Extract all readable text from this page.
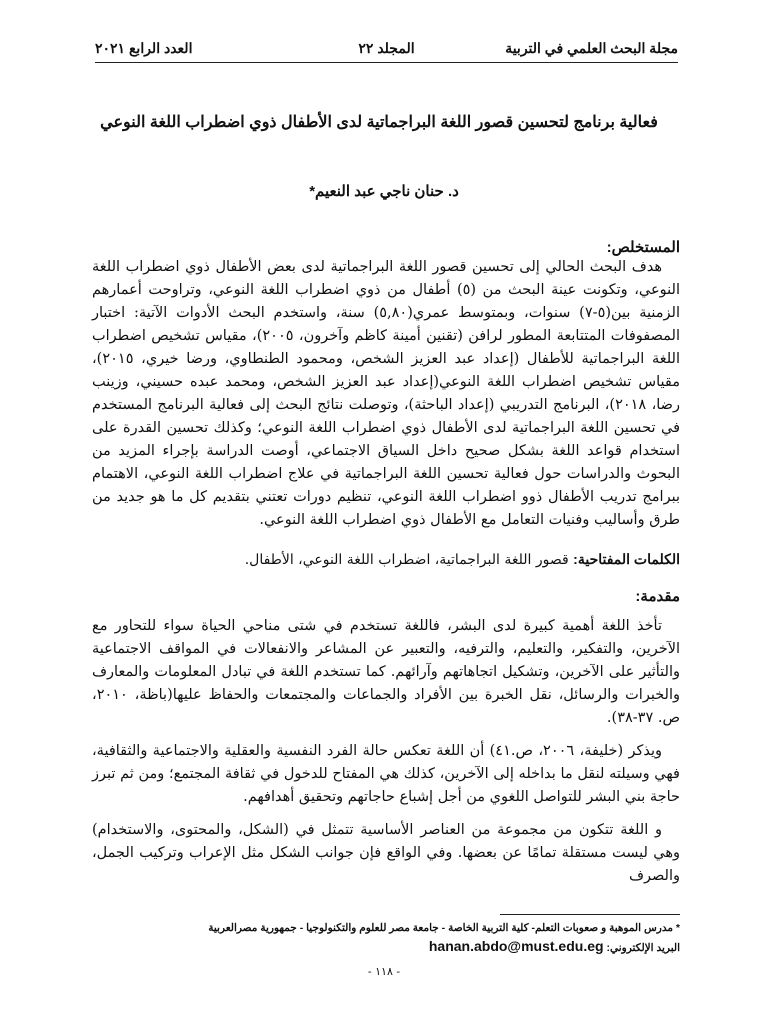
مجلة البحث العلمي في التربية
المجلد ٢٢
العدد الرابع ٢٠٢١
فعالية برنامج لتحسين قصور اللغة البراجماتية لدى الأطفال ذوي اضطراب اللغة النوعي
د. حنان ناجي عبد النعيم*

المستخلص:

هدف البحث الحالي إلى تحسين قصور اللغة البراجماتية لدى بعض الأطفال ذوي اضطراب اللغة النوعي، وتكونت عينة البحث من (٥) أطفال من ذوي اضطراب اللغة النوعي، وتراوحت أعمارهم الزمنية بين(٥-٧) سنوات، وبمتوسط عمري(٥,٨٠) سنة، واستخدم البحث الأدوات الآتية: اختبار المصفوفات المتتابعة المطور لرافن (تقنين أمينة كاظم وآخرون، ٢٠٠٥)، مقياس تشخيص اضطراب اللغة البراجماتية للأطفال (إعداد عبد العزيز الشخص، ومحمود الطنطاوي، ورضا خيري، ٢٠١٥)، مقياس تشخيص اضطراب اللغة النوعي(إعداد عبد العزيز الشخص، ومحمد عبده حسيني، وزينب رضا، ٢٠١٨)، البرنامج التدريبي (إعداد الباحثة)، وتوصلت نتائج البحث إلى فعالية البرنامج المستخدم في تحسين اللغة البراجماتية لدى الأطفال ذوي اضطراب اللغة النوعي؛ وكذلك تحسين القدرة على استخدام قواعد اللغة بشكل صحيح داخل السياق الاجتماعي، أوصت الدراسة بإجراء المزيد من البحوث والدراسات حول فعالية تحسين اللغة البراجماتية في علاج اضطراب اللغة النوعي، الاهتمام ببرامج تدريب الأطفال ذوو اضطراب اللغة النوعي، تنظيم دورات تعتني بتقديم كل ما هو جديد من طرق وأساليب وفنيات التعامل مع الأطفال ذوي اضطراب اللغة النوعي.

الكلمات المفتاحية: قصور اللغة البراجماتية، اضطراب اللغة النوعي، الأطفال.

مقدمة:

تأخذ اللغة أهمية كبيرة لدى البشر، فاللغة تستخدم في شتى مناحي الحياة سواء للتحاور مع الآخرين، والتفكير، والتعليم، والترفيه، والتعبير عن المشاعر والانفعالات في المواقف الاجتماعية والتأثير على الآخرين، وتشكيل اتجاهاتهم وآرائهم. كما تستخدم اللغة في تبادل المعلومات والمعارف والخبرات والرسائل، نقل الخبرة بين الأفراد والجماعات والمجتمعات والحفاظ عليها(باظة، ٢٠١٠، ص. ٣٧-٣٨).

ويذكر (خليفة، ٢٠٠٦، ص.٤١) أن اللغة تعكس حالة الفرد النفسية والعقلية والاجتماعية والثقافية، فهي وسيلته لنقل ما بداخله إلى الآخرين، كذلك هي المفتاح للدخول في ثقافة المجتمع؛ ومن ثم تبرز حاجة بني البشر للتواصل اللغوي من أجل إشباع حاجاتهم وتحقيق أهدافهم.

و اللغة تتكون من مجموعة من العناصر الأساسية تتمثل في (الشكل، والمحتوى، والاستخدام) وهي ليست مستقلة تمامًا عن بعضها. وفي الواقع فإن جوانب الشكل مثل الإعراب وتركيب الجمل، والصرف

* مدرس الموهبة و صعوبات التعلم- كلية التربية الخاصة - جامعة مصر للعلوم والتكنولوجيا - جمهورية مصرالعربية

البريد الإلكتروني: hanan.abdo@must.edu.eg

- ١١٨ -
